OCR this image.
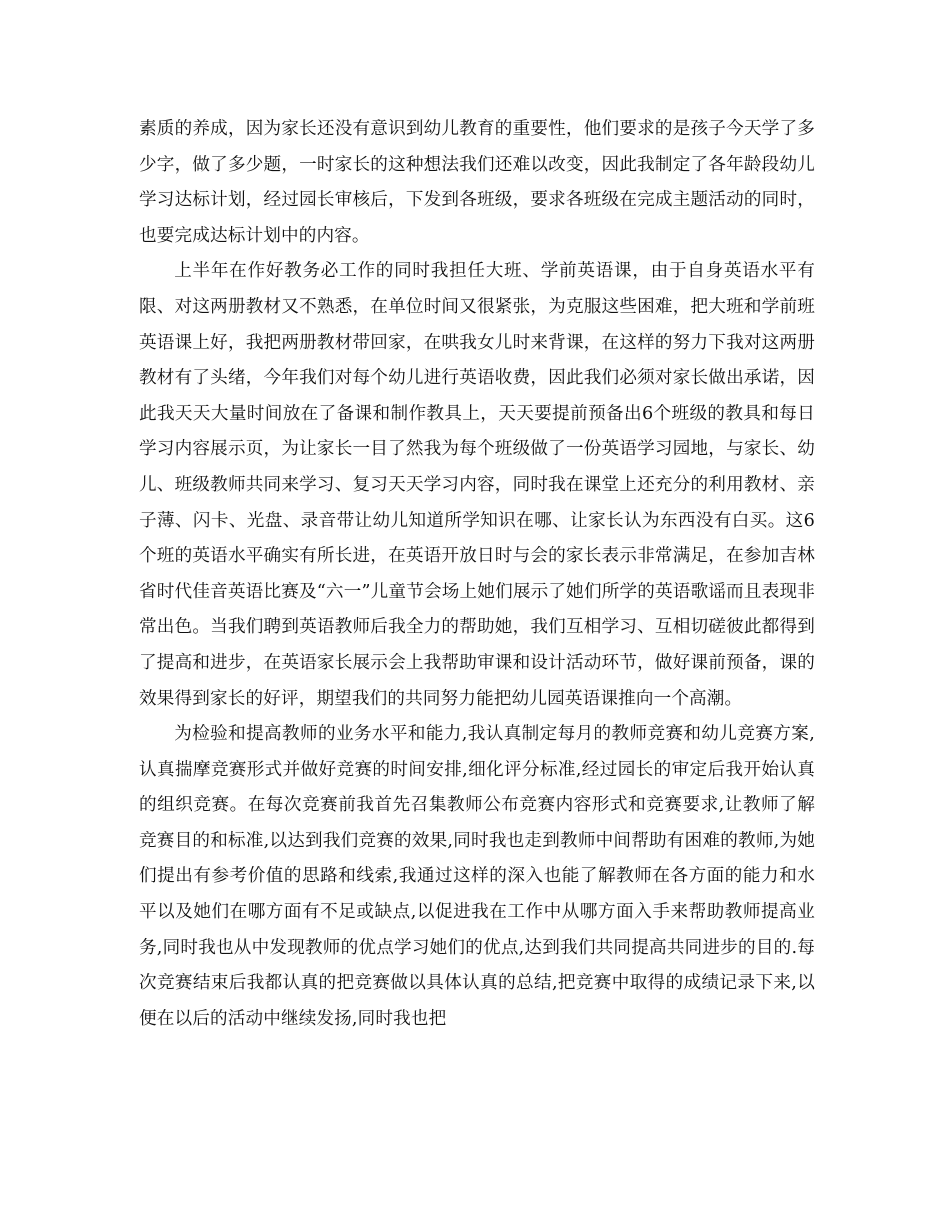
素质的养成，因为家长还没有意识到幼儿教育的重要性，他们要求的是孩子今天学了多少字，做了多少题，一时家长的这种想法我们还难以改变，因此我制定了各年龄段幼儿学习达标计划，经过园长审核后，下发到各班级，要求各班级在完成主题活动的同时，也要完成达标计划中的内容。

上半年在作好教务必工作的同时我担任大班、学前英语课，由于自身英语水平有限、对这两册教材又不熟悉，在单位时间又很紧张，为克服这些困难，把大班和学前班英语课上好，我把两册教材带回家，在哄我女儿时来背课，在这样的努力下我对这两册教材有了头绪，今年我们对每个幼儿进行英语收费，因此我们必须对家长做出承诺，因此我天天大量时间放在了备课和制作教具上，天天要提前预备出6个班级的教具和每日学习内容展示页，为让家长一目了然我为每个班级做了一份英语学习园地，与家长、幼儿、班级教师共同来学习、复习天天学习内容，同时我在课堂上还充分的利用教材、亲子薄、闪卡、光盘、录音带让幼儿知道所学知识在哪、让家长认为东西没有白买。这6个班的英语水平确实有所长进，在英语开放日时与会的家长表示非常满足，在参加吉林省时代佳音英语比赛及“六一”儿童节会场上她们展示了她们所学的英语歌谣而且表现非常出色。当我们聘到英语教师后我全力的帮助她，我们互相学习、互相切磋彼此都得到了提高和进步，在英语家长展示会上我帮助审课和设计活动环节，做好课前预备，课的效果得到家长的好评，期望我们的共同努力能把幼儿园英语课推向一个高潮。

为检验和提高教师的业务水平和能力,我认真制定每月的教师竞赛和幼儿竞赛方案,认真揣摩竞赛形式并做好竞赛的时间安排,细化评分标准,经过园长的审定后我开始认真的组织竞赛。在每次竞赛前我首先召集教师公布竞赛内容形式和竞赛要求,让教师了解竞赛目的和标准,以达到我们竞赛的效果,同时我也走到教师中间帮助有困难的教师,为她们提出有参考价值的思路和线索,我通过这样的深入也能了解教师在各方面的能力和水平以及她们在哪方面有不足或缺点,以促进我在工作中从哪方面入手来帮助教师提高业务,同时我也从中发现教师的优点学习她们的优点,达到我们共同提高共同进步的目的.每次竞赛结束后我都认真的把竞赛做以具体认真的总结,把竞赛中取得的成绩记录下来,以便在以后的活动中继续发扬,同时我也把
